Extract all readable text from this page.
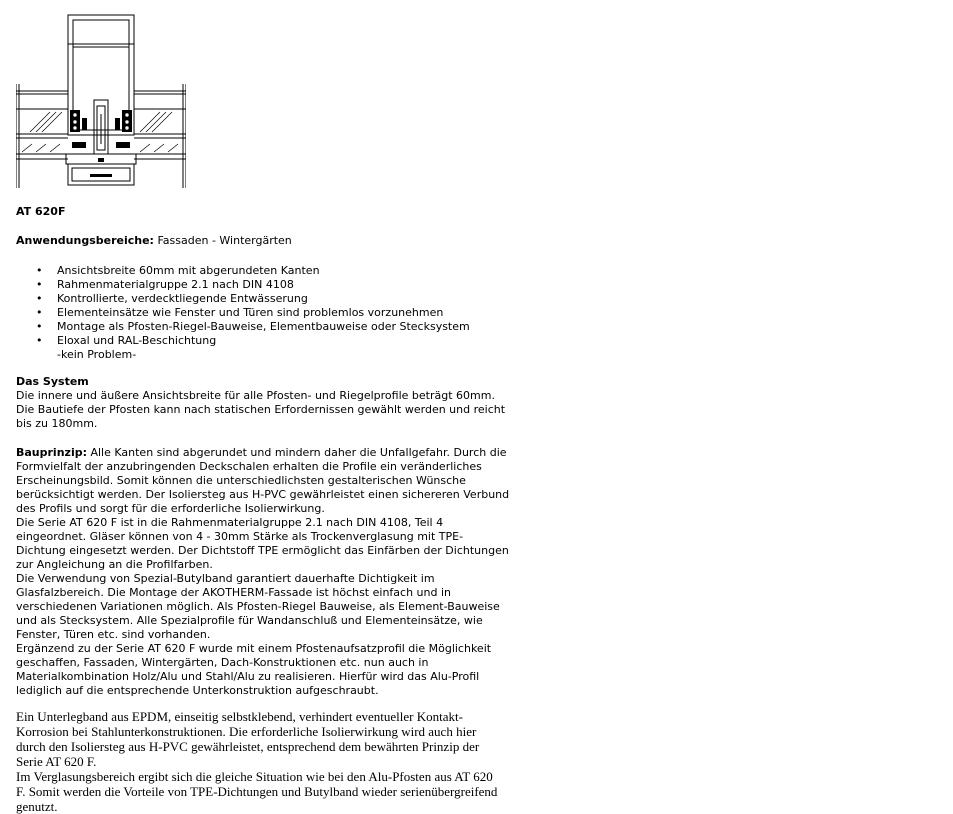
AT 620F
Anwendungsbereiche: Fassaden - Wintergärten
• Ansichtsbreite 60mm mit abgerundeten Kanten
• Rahmenmaterialgruppe 2.1 nach DIN 4108
• Kontrollierte, verdecktliegende Entwässerung
• Elementeinsätze wie Fenster und Türen sind problemlos vorzunehmen
• Montage als Pfosten-Riegel-Bauweise, Elementbauweise oder Stecksystem
• Eloxal und RAL-Beschichtung
-kein Problem-
Das System
Die innere und äußere Ansichtsbreite für alle Pfosten- und Riegelprofile beträgt 60mm.
Die Bautiefe der Pfosten kann nach statischen Erfordernissen gewählt werden und reicht
bis zu 180mm.
Bauprinzip: Alle Kanten sind abgerundet und mindern daher die Unfallgefahr. Durch die
Formvielfalt der anzubringenden Deckschalen erhalten die Profile ein veränderliches
Erscheinungsbild. Somit können die unterschiedlichsten gestalterischen Wünsche
berücksichtigt werden. Der Isoliersteg aus H-PVC gewährleistet einen sichereren Verbund
des Profils und sorgt für die erforderliche Isolierwirkung.
Die Serie AT 620 F ist in die Rahmenmaterialgruppe 2.1 nach DIN 4108, Teil 4
eingeordnet. Gläser können von 4 - 30mm Stärke als Trockenverglasung mit TPE-
Dichtung eingesetzt werden. Der Dichtstoff TPE ermöglicht das Einfärben der Dichtungen
zur Angleichung an die Profilfarben.
Die Verwendung von Spezial-Butylband garantiert dauerhafte Dichtigkeit im
Glasfalzbereich. Die Montage der AKOTHERM-Fassade ist höchst einfach und in
verschiedenen Variationen möglich. Als Pfosten-Riegel Bauweise, als Element-Bauweise
und als Stecksystem. Alle Spezialprofile für Wandanschluß und Elementeinsätze, wie
Fenster, Türen etc. sind vorhanden.
Ergänzend zu der Serie AT 620 F wurde mit einem Pfostenaufsatzprofil die Möglichkeit
geschaffen, Fassaden, Wintergärten, Dach-Konstruktionen etc. nun auch in
Materialkombination Holz/Alu und Stahl/Alu zu realisieren. Hierfür wird das Alu-Profil
lediglich auf die entsprechende Unterkonstruktion aufgeschraubt.
Ein Unterlegband aus EPDM, einseitig selbstklebend, verhindert eventueller Kontakt-
Korrosion bei Stahlunterkonstruktionen. Die erforderliche Isolierwirkung wird auch hier
durch den Isoliersteg aus H-PVC gewährleistet, entsprechend dem bewährten Prinzip der
Serie AT 620 F.
Im Verglasungsbereich ergibt sich die gleiche Situation wie bei den Alu-Pfosten aus AT 620
F. Somit werden die Vorteile von TPE-Dichtungen und Butylband wieder serienübergreifend
genutzt.
